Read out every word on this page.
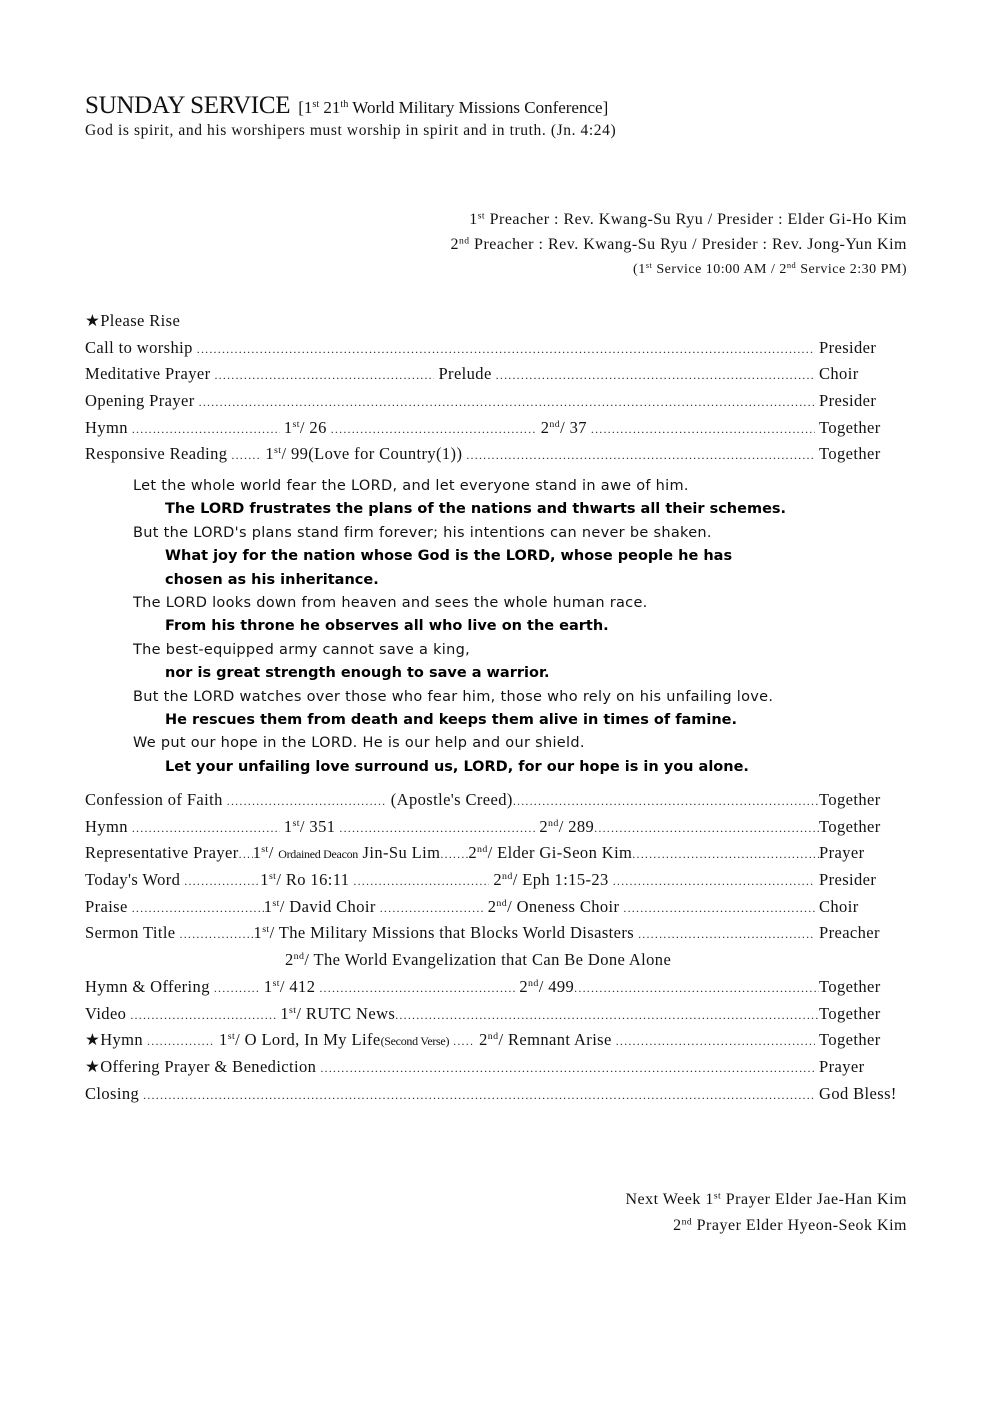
SUNDAY SERVICE [1st 21th World Military Missions Conference]
God is spirit, and his worshipers must worship in spirit and in truth. (Jn. 4:24)
1st Preacher : Rev. Kwang-Su Ryu / Presider : Elder Gi-Ho Kim
2nd Preacher : Rev. Kwang-Su Ryu / Presider : Rev. Jong-Yun Kim
(1st Service 10:00 AM / 2nd Service 2:30 PM)
★Please Rise
Call to worship .....	Presider
Meditative Prayer .....	Prelude .....	Choir
Opening Prayer .....	Presider
Hymn .....	1st/ 26 .....	2nd/ 37 .....	Together
Responsive Reading ..... 1st/ 99(Love for Country(1)) .....	Together
Let the whole world fear the LORD, and let everyone stand in awe of him.
The LORD frustrates the plans of the nations and thwarts all their schemes.
But the LORD's plans stand firm forever; his intentions can never be shaken.
What joy for the nation whose God is the LORD, whose people he has
chosen as his inheritance.
The LORD looks down from heaven and sees the whole human race.
From his throne he observes all who live on the earth.
The best-equipped army cannot save a king,
nor is great strength enough to save a warrior.
But the LORD watches over those who fear him, those who rely on his unfailing love.
He rescues them from death and keeps them alive in times of famine.
We put our hope in the LORD. He is our help and our shield.
Let your unfailing love surround us, LORD, for our hope is in you alone.
Confession of Faith .....	(Apostle's Creed) .....	Together
Hymn .....	1st/ 351 .....	2nd/ 289 .....	Together
Representative Prayer ..... 1st/ Ordained Deacon Jin-Su Lim ..... 2nd/ Elder Gi-Seon Kim .....	Prayer
Today's Word .....	1st/ Ro 16:11 .....	2nd/ Eph 1:15-23 .....	Presider
Praise .....	1st/ David Choir .....	2nd/ Oneness Choir .....	Choir
Sermon Title .....	1st/ The Military Missions that Blocks World Disasters .....	Preacher
2nd/ The World Evangelization that Can Be Done Alone
Hymn & Offering .....	1st/ 412 .....	2nd/ 499 .....	Together
Video .....	1st/ RUTC News .....	Together
★Hymn .....	1st/ O Lord, In My Life(Second Verse) ..... 2nd/ Remnant Arise .....	Together
★Offering Prayer & Benediction .....	Prayer
Closing .....	God Bless!
Next Week 1st Prayer Elder Jae-Han Kim
2nd Prayer Elder Hyeon-Seok Kim
